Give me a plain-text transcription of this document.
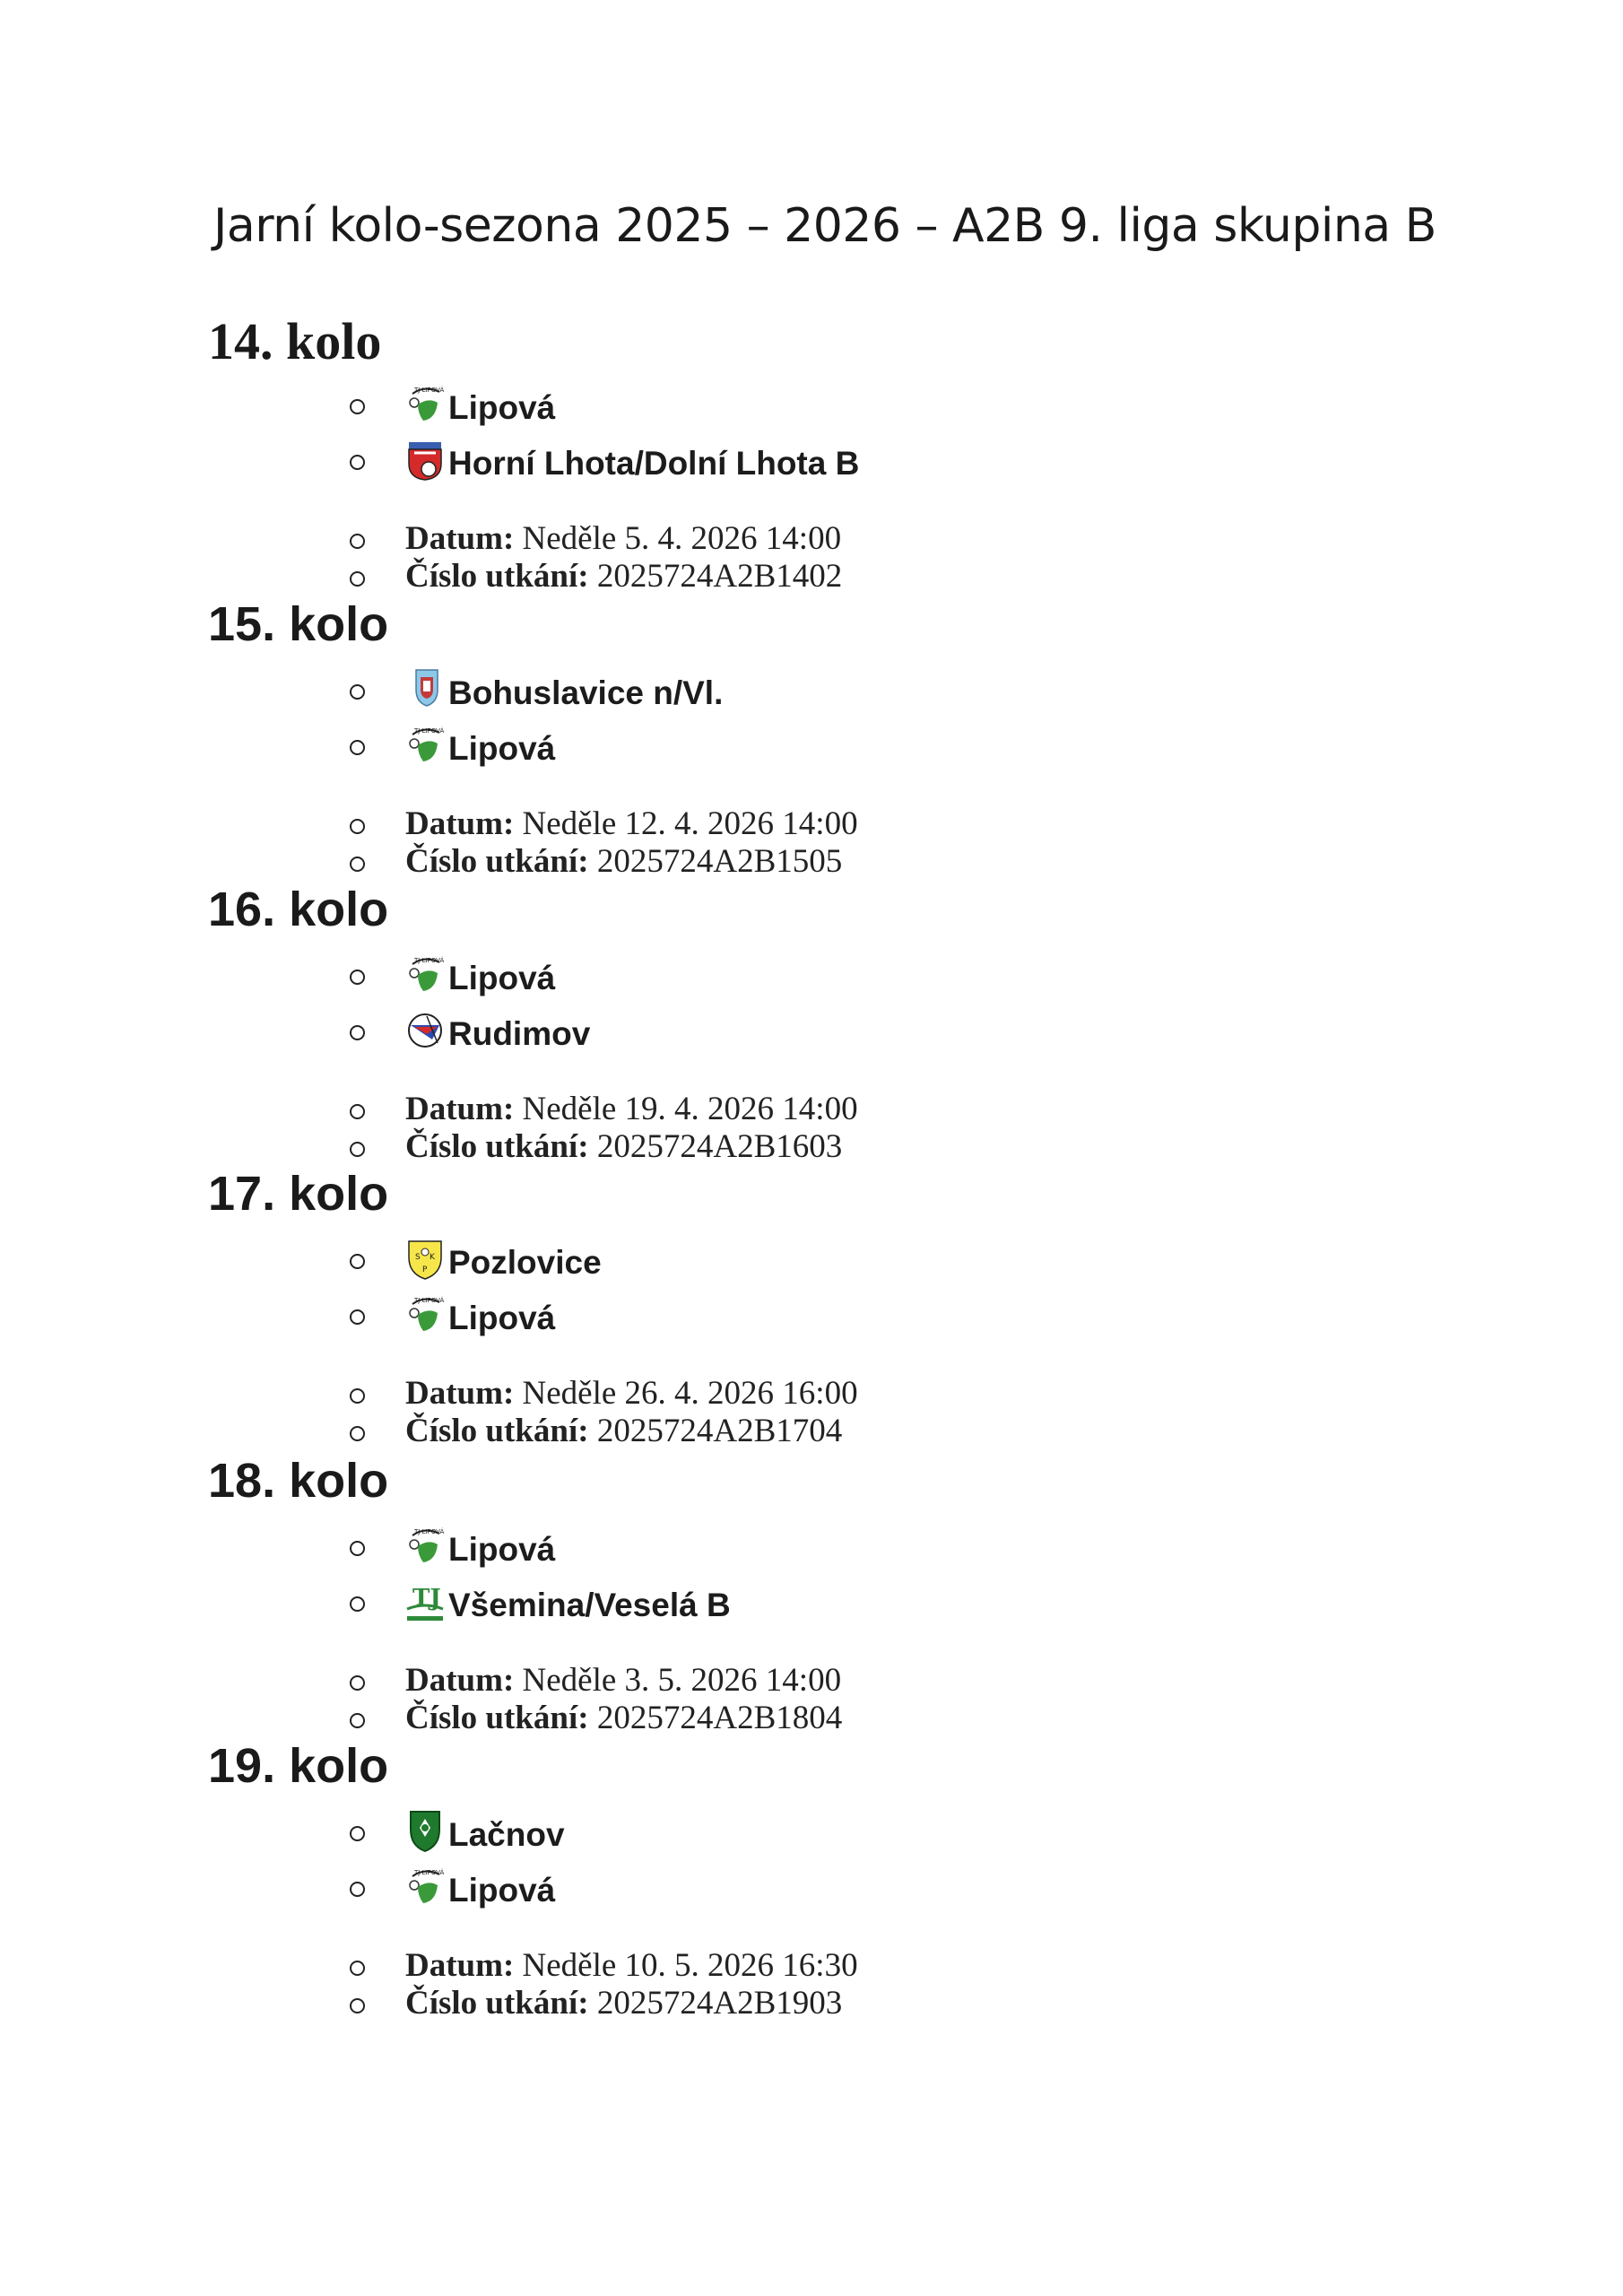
Jarní kolo-sezona 2025 – 2026 – A2B 9. liga skupina B
14. kolo
TJ LIPOVÁ Lipová
Horní Lhota/Dolní Lhota B
Datum: Neděle 5. 4. 2026 14:00
Číslo utkání: 2025724A2B1402
15. kolo
Bohuslavice n/Vl.
TJ LIPOVÁ Lipová
Datum: Neděle 12. 4. 2026 14:00
Číslo utkání: 2025724A2B1505
16. kolo
TJ LIPOVÁ Lipová
Rudimov
Datum: Neděle 19. 4. 2026 14:00
Číslo utkání: 2025724A2B1603
17. kolo
S K
P Pozlovice
TJ LIPOVÁ Lipová
Datum: Neděle 26. 4. 2026 16:00
Číslo utkání: 2025724A2B1704
18. kolo
TJ LIPOVÁ Lipová
TJ Všemina/Veselá B
Datum: Neděle 3. 5. 2026 14:00
Číslo utkání: 2025724A2B1804
19. kolo
Lačnov
TJ LIPOVÁ Lipová
Datum: Neděle 10. 5. 2026 16:30
Číslo utkání: 2025724A2B1903
